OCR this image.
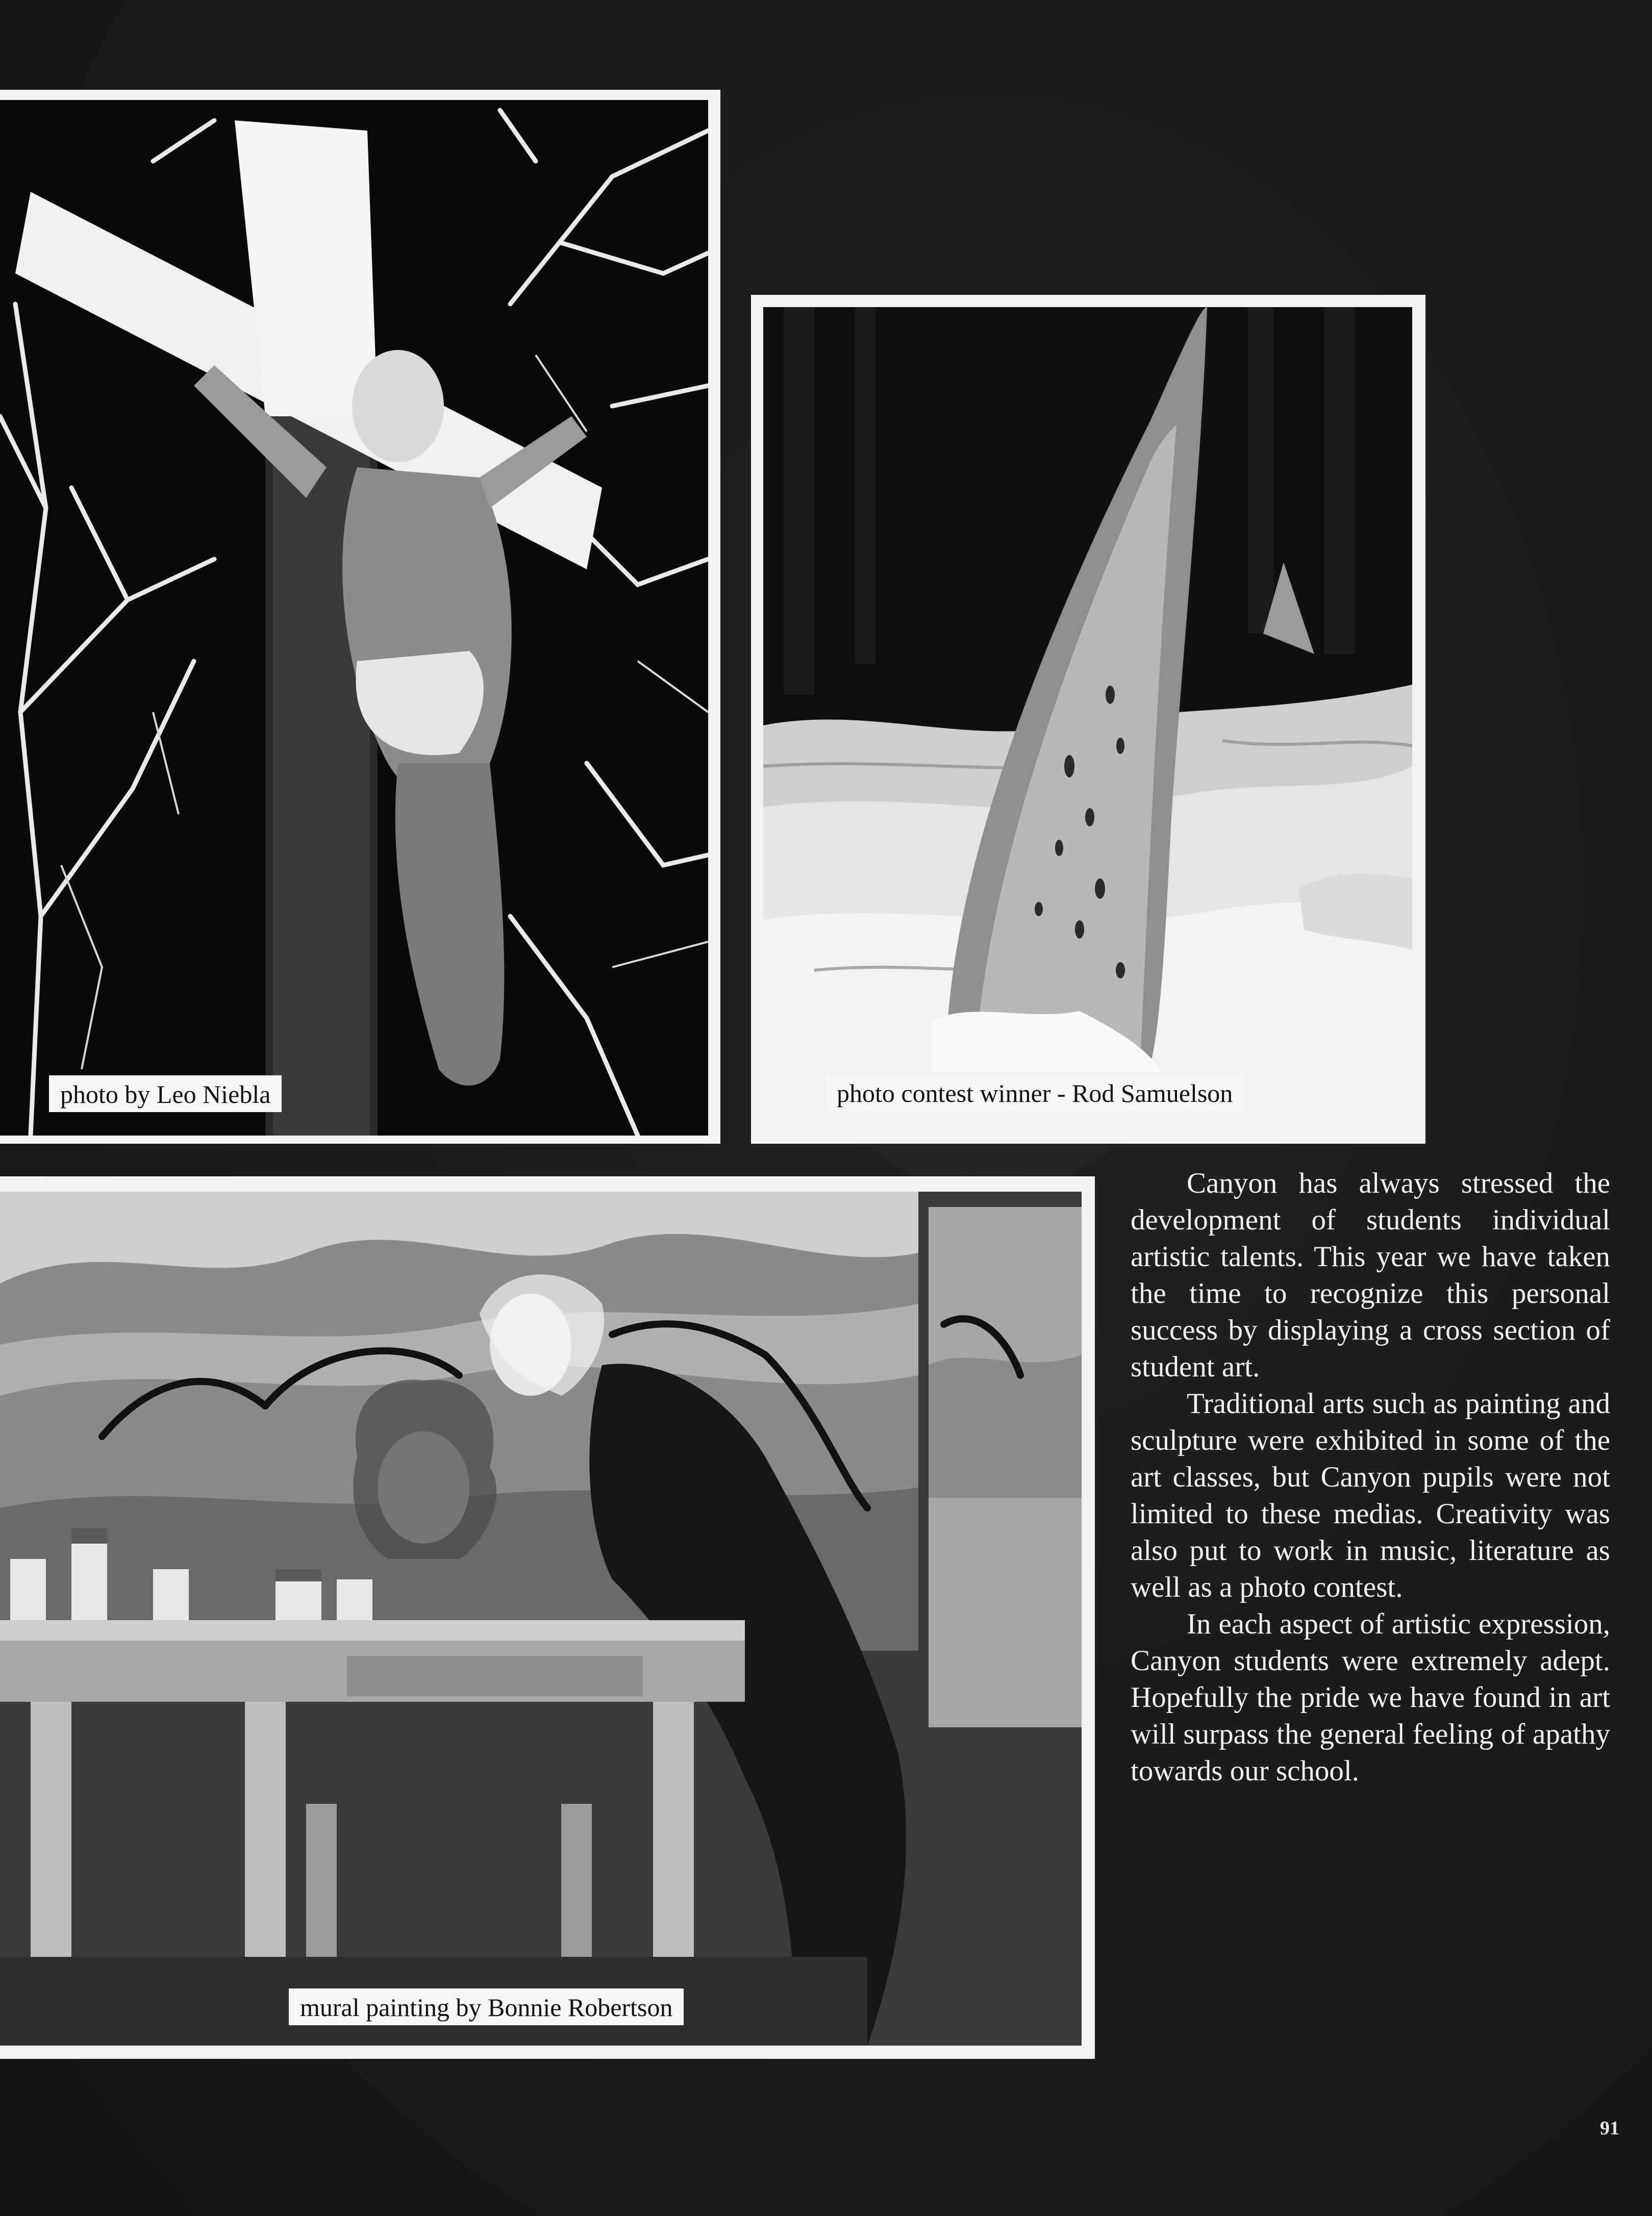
photo by Leo Niebla	photo contest winner - Rod Samuelson
mural painting by Bonnie Robertson

Canyon has always stressed the development of students individual artistic talents. This year we have taken the time to recognize this personal success by displaying a cross section of student art.

Traditional arts such as painting and sculpture were exhibited in some of the art classes, but Canyon pupils were not limited to these medias. Creativity was also put to work in music, literature as well as a photo contest.

In each aspect of artistic expression, Canyon students were extremely adept. Hopefully the pride we have found in art will surpass the general feeling of apathy towards our school.

91
